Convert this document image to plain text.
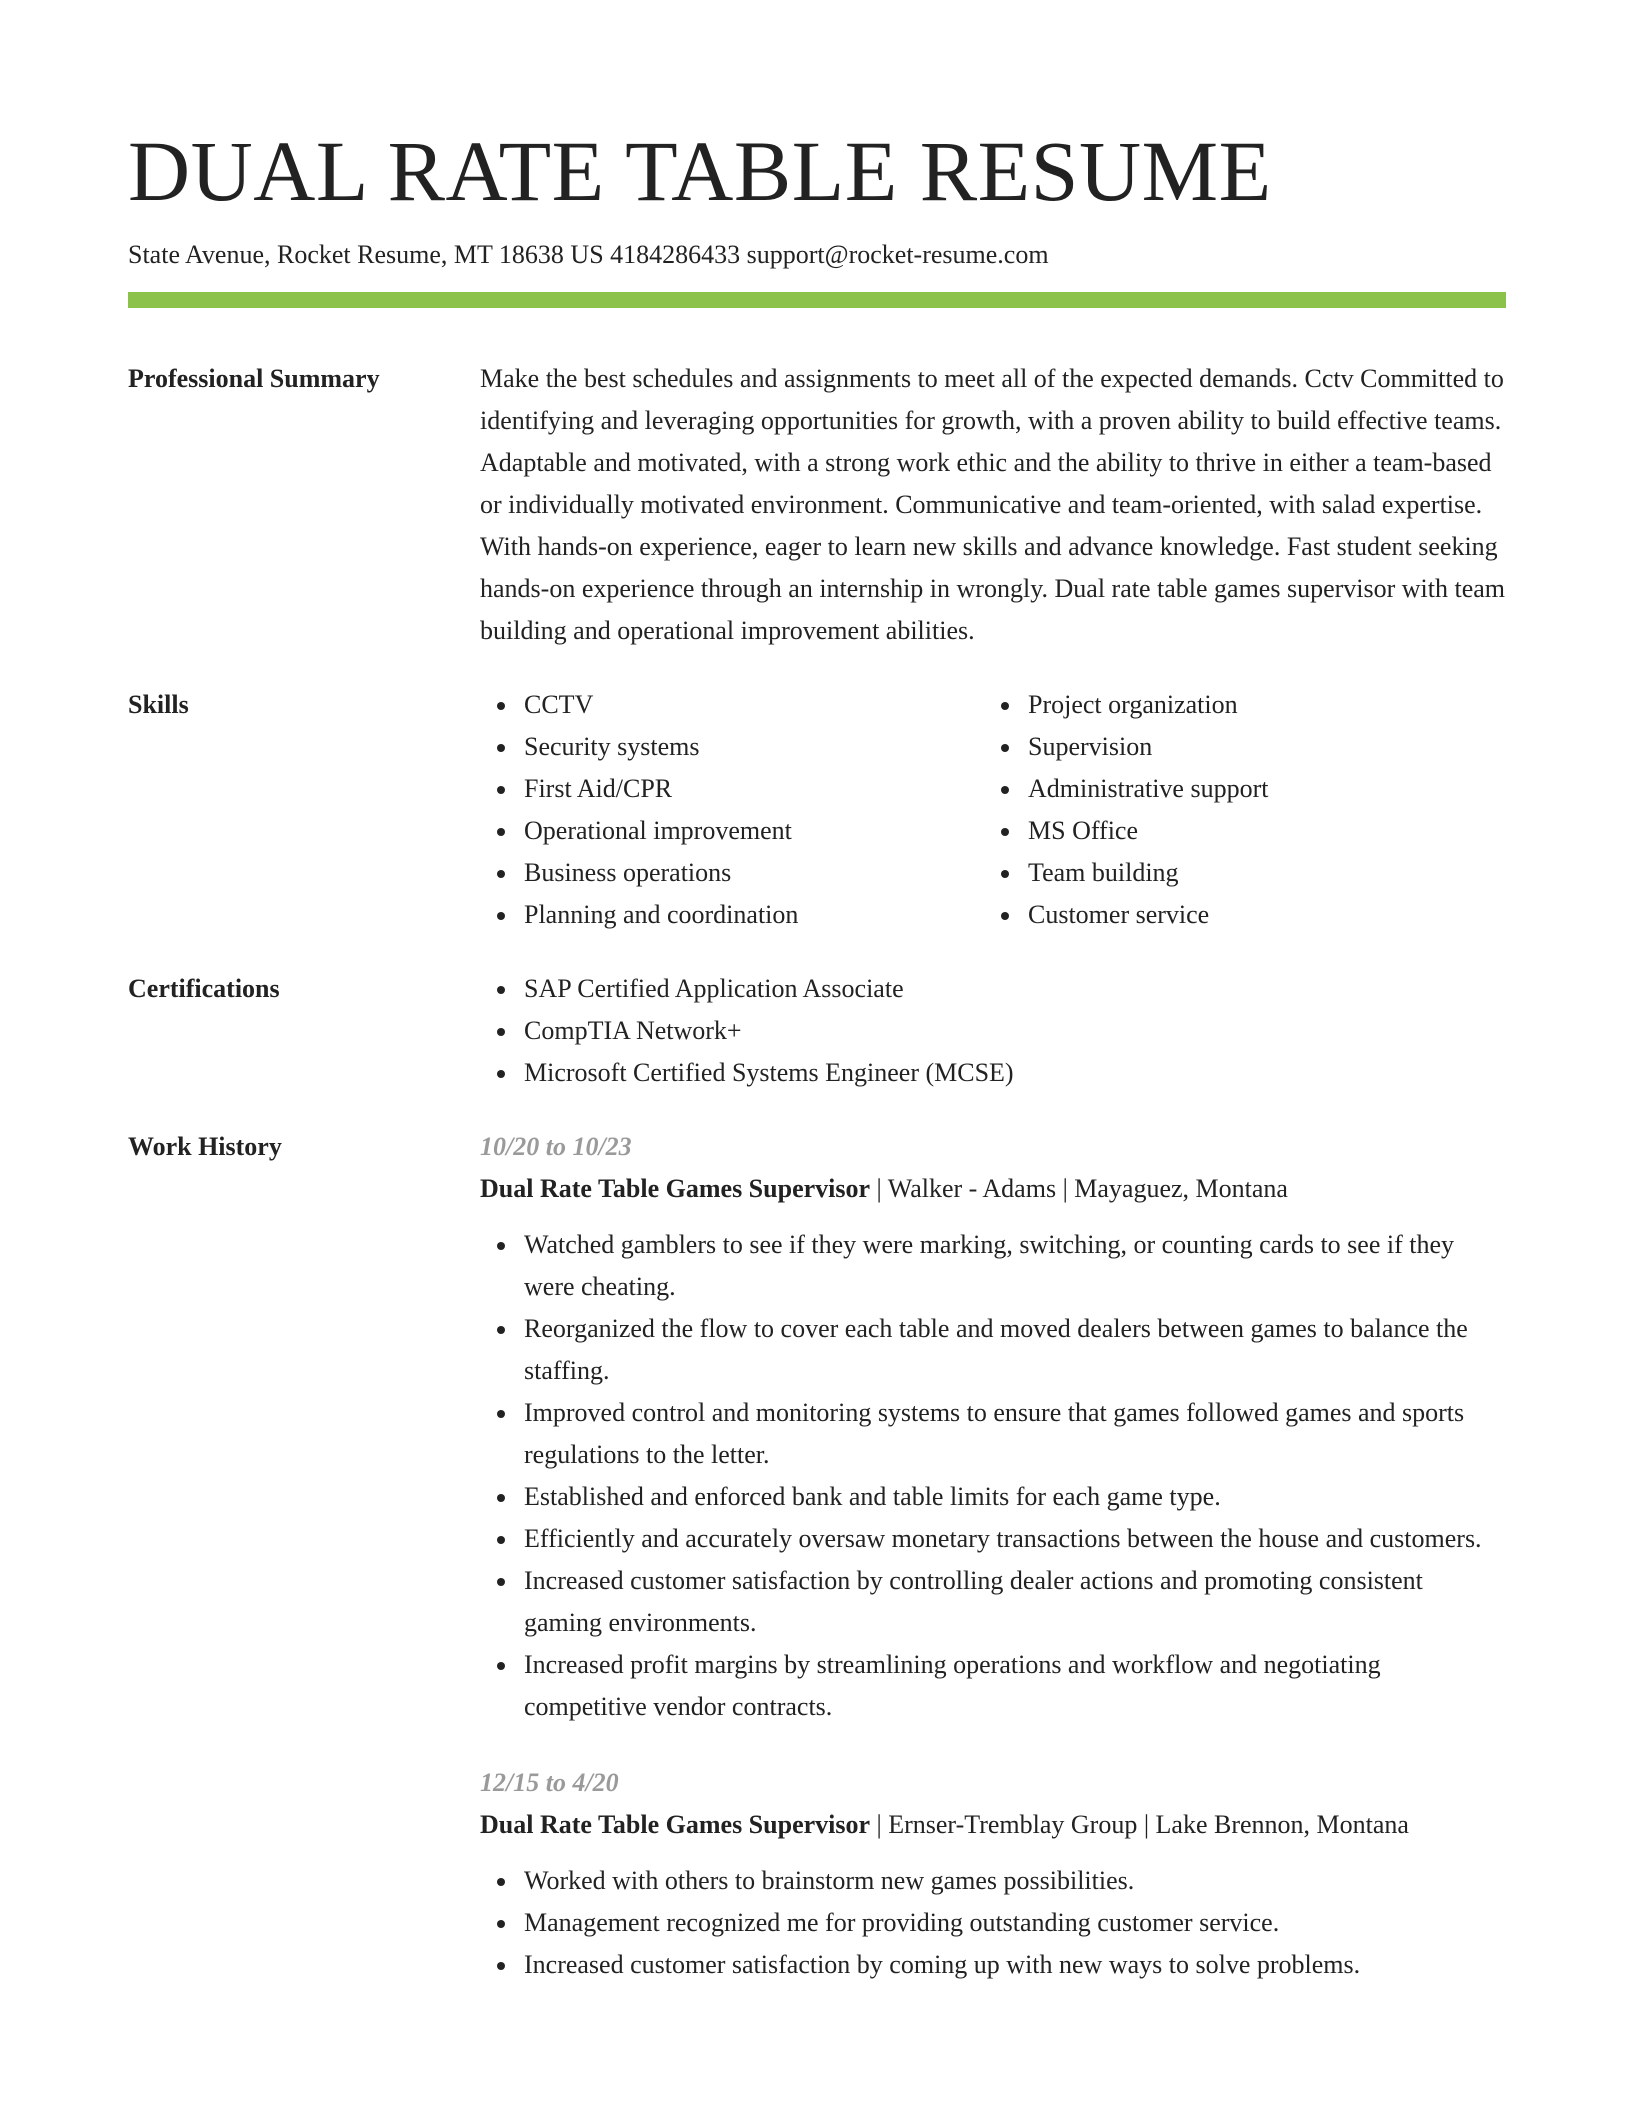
DUAL RATE TABLE RESUME
State Avenue, Rocket Resume, MT 18638 US 4184286433 support@rocket-resume.com
Professional Summary	Make the best schedules and assignments to meet all of the expected demands. Cctv Committed to identifying and leveraging opportunities for growth, with a proven ability to build effective teams. Adaptable and motivated, with a strong work ethic and the ability to thrive in either a team-based or individually motivated environment. Communicative and team-oriented, with salad expertise. With hands-on experience, eager to learn new skills and advance knowledge. Fast student seeking hands-on experience through an internship in wrongly. Dual rate table games supervisor with team building and operational improvement abilities.
Skills	CCTV
Security systems
First Aid/CPR
Operational improvement
Business operations
Planning and coordination
Project organization
Supervision
Administrative support
MS Office
Team building
Customer service
Certifications	SAP Certified Application Associate
CompTIA Network+
Microsoft Certified Systems Engineer (MCSE)
Work History	10/20 to 10/23
Dual Rate Table Games Supervisor | Walker - Adams | Mayaguez, Montana
Watched gamblers to see if they were marking, switching, or counting cards to see if they were cheating.
Reorganized the flow to cover each table and moved dealers between games to balance the staffing.
Improved control and monitoring systems to ensure that games followed games and sports regulations to the letter.
Established and enforced bank and table limits for each game type.
Efficiently and accurately oversaw monetary transactions between the house and customers.
Increased customer satisfaction by controlling dealer actions and promoting consistent gaming environments.
Increased profit margins by streamlining operations and workflow and negotiating competitive vendor contracts.
12/15 to 4/20
Dual Rate Table Games Supervisor | Ernser-Tremblay Group | Lake Brennon, Montana
Worked with others to brainstorm new games possibilities.
Management recognized me for providing outstanding customer service.
Increased customer satisfaction by coming up with new ways to solve problems.
